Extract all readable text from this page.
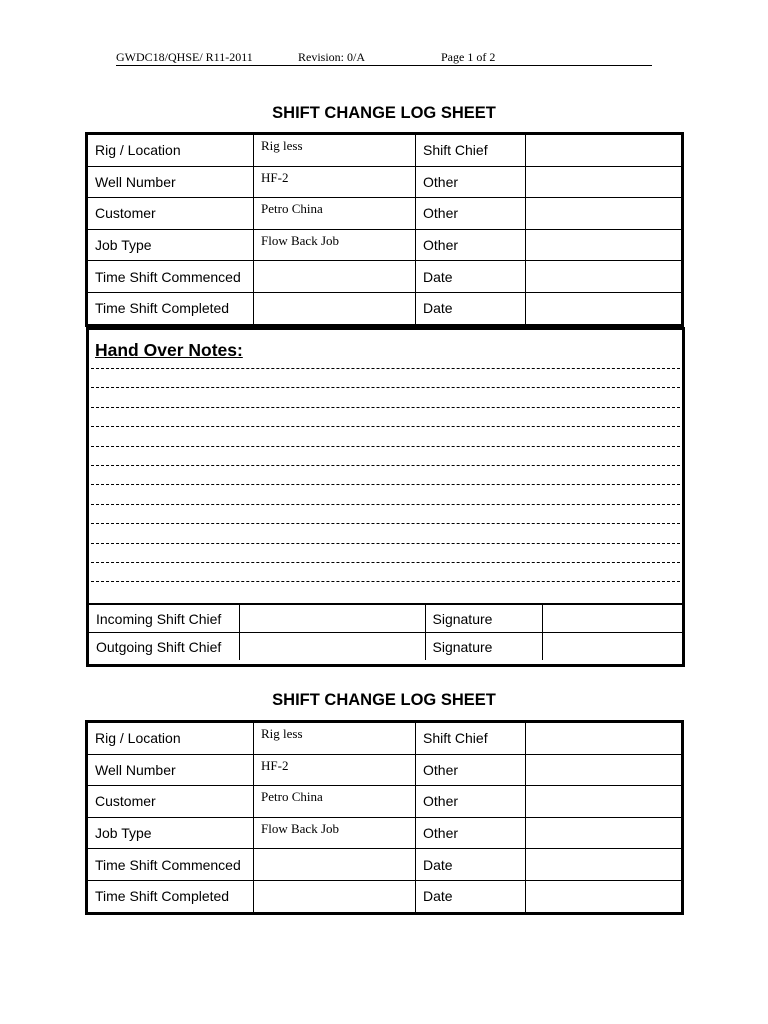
GWDC18/QHSE/ R11-2011	Revision: 0/A	Page 1 of 2
SHIFT CHANGE LOG SHEET
Rig / Location	Rig less	Shift Chief	
Well Number	HF-2	Other	
Customer	Petro China	Other	
Job Type	Flow Back Job	Other	
Time Shift Commenced		Date	
Time Shift Completed		Date	
Hand Over Notes:
Incoming Shift Chief		Signature	
Outgoing Shift Chief		Signature	
SHIFT CHANGE LOG SHEET
Rig / Location	Rig less	Shift Chief	
Well Number	HF-2	Other	
Customer	Petro China	Other	
Job Type	Flow Back Job	Other	
Time Shift Commenced		Date	
Time Shift Completed		Date	
